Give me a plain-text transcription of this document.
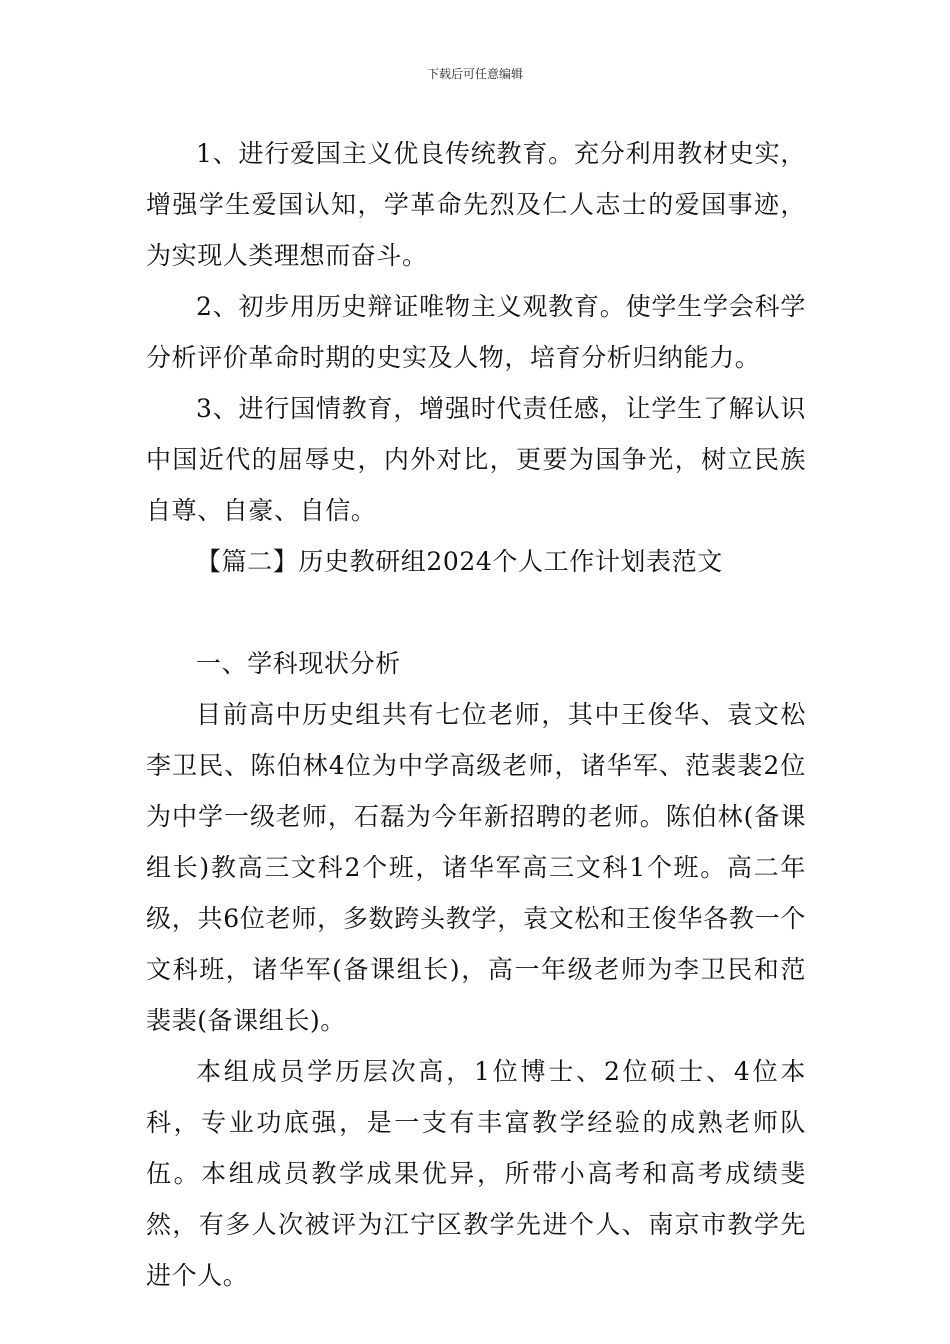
下载后可任意编辑

1、进行爱国主义优良传统教育。充分利用教材史实，增强学生爱国认知，学革命先烈及仁人志士的爱国事迹，为实现人类理想而奋斗。

2、初步用历史辩证唯物主义观教育。使学生学会科学分析评价革命时期的史实及人物，培育分析归纳能力。

3、进行国情教育，增强时代责任感，让学生了解认识中国近代的屈辱史，内外对比，更要为国争光，树立民族自尊、自豪、自信。

【篇二】历史教研组2024个人工作计划表范文

一、学科现状分析

目前高中历史组共有七位老师，其中王俊华、袁文松李卫民、陈伯林4位为中学高级老师，诸华军、范裴裴2位为中学一级老师，石磊为今年新招聘的老师。陈伯林(备课组长)教高三文科2个班，诸华军高三文科1个班。高二年级，共6位老师，多数跨头教学，袁文松和王俊华各教一个文科班，诸华军(备课组长)，高一年级老师为李卫民和范裴裴(备课组长)。

本组成员学历层次高，1位博士、2位硕士、4位本科，专业功底强，是一支有丰富教学经验的成熟老师队伍。本组成员教学成果优异，所带小高考和高考成绩斐然，有多人次被评为江宁区教学先进个人、南京市教学先进个人。
